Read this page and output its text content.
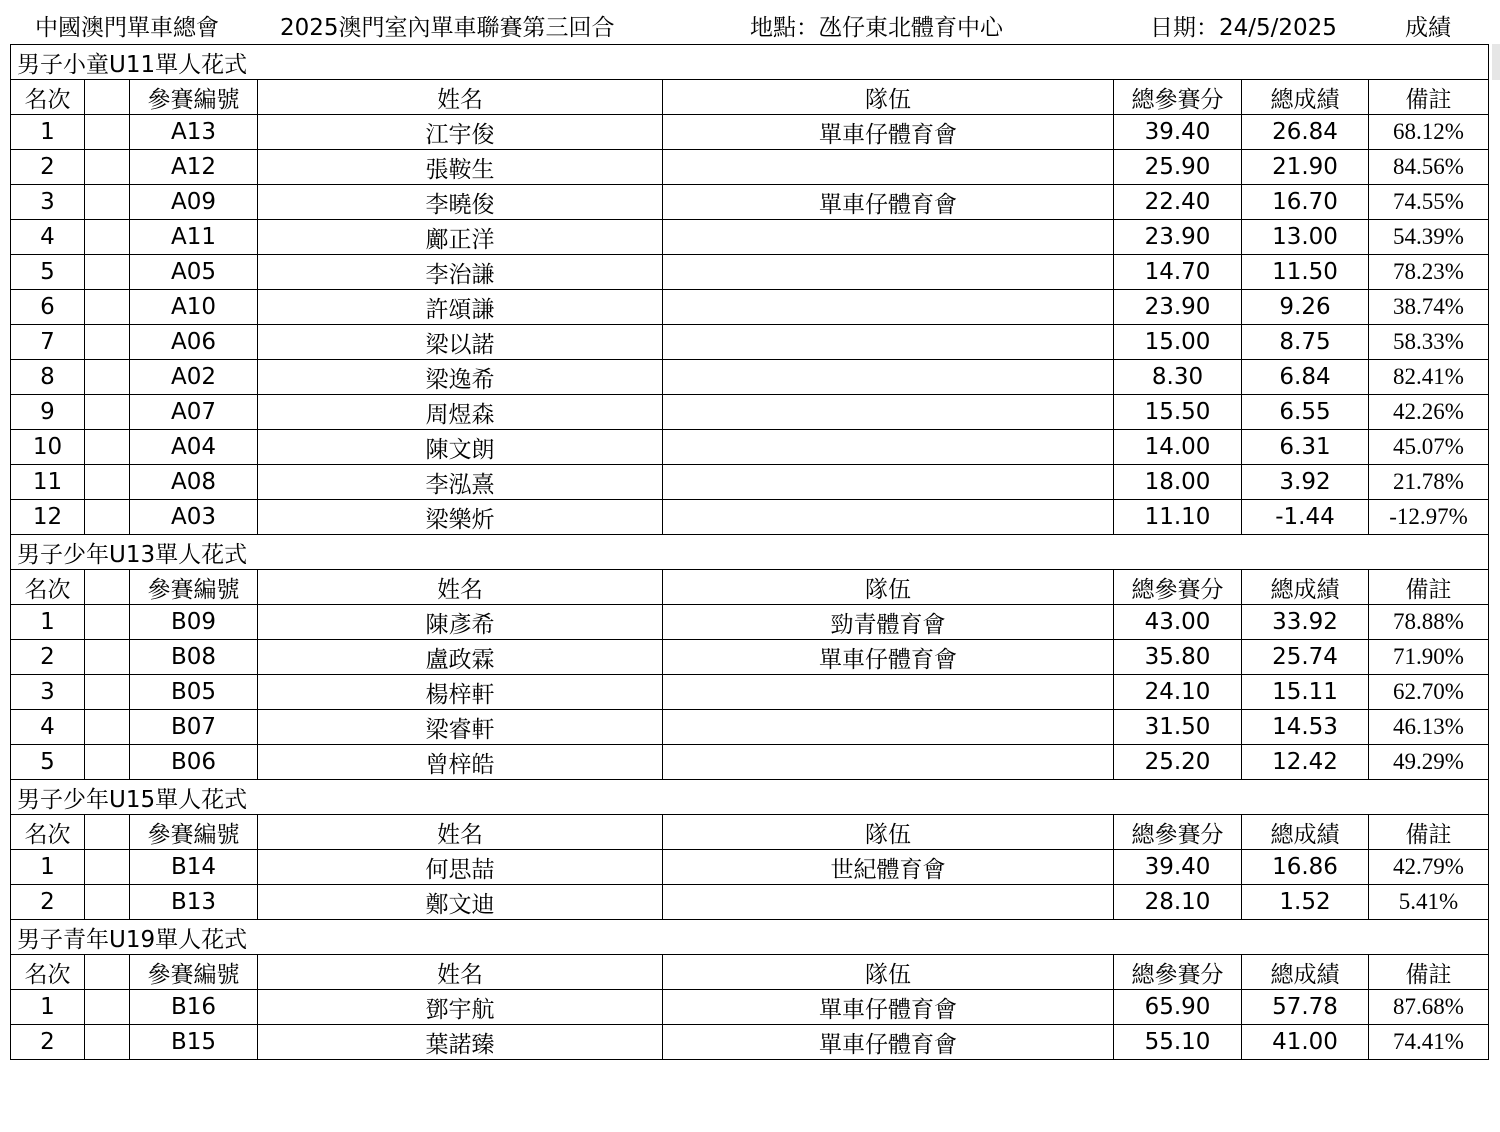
中國澳門單車總會	2025澳門室內單車聯賽第三回合	地點：氹仔東北體育中心	日期：24/5/2025	成績
男子小童U11單人花式							
名次		參賽編號	姓名	隊伍	總參賽分	總成績	備註
1		A13	江宇俊	單車仔體育會	39.40	26.84	68.12%
2		A12	張鞍生		25.90	21.90	84.56%
3		A09	李曉俊	單車仔體育會	22.40	16.70	74.55%
4		A11	鄺正洋		23.90	13.00	54.39%
5		A05	李治謙		14.70	11.50	78.23%
6		A10	許頌謙		23.90	9.26	38.74%
7		A06	梁以諾		15.00	8.75	58.33%
8		A02	梁逸希		8.30	6.84	82.41%
9		A07	周煜森		15.50	6.55	42.26%
10		A04	陳文朗		14.00	6.31	45.07%
11		A08	李泓熹		18.00	3.92	21.78%
12		A03	梁樂炘		11.10	-1.44	-12.97%
男子少年U13單人花式							
名次		參賽編號	姓名	隊伍	總參賽分	總成績	備註
1		B09	陳彥希	勁青體育會	43.00	33.92	78.88%
2		B08	盧政霖	單車仔體育會	35.80	25.74	71.90%
3		B05	楊梓軒		24.10	15.11	62.70%
4		B07	梁睿軒		31.50	14.53	46.13%
5		B06	曾梓皓		25.20	12.42	49.29%
男子少年U15單人花式							
名次		參賽編號	姓名	隊伍	總參賽分	總成績	備註
1		B14	何思喆	世紀體育會	39.40	16.86	42.79%
2		B13	鄭文迪		28.10	1.52	5.41%
男子青年U19單人花式							
名次		參賽編號	姓名	隊伍	總參賽分	總成績	備註
1		B16	鄧宇航	單車仔體育會	65.90	57.78	87.68%
2		B15	葉諾臻	單車仔體育會	55.10	41.00	74.41%
